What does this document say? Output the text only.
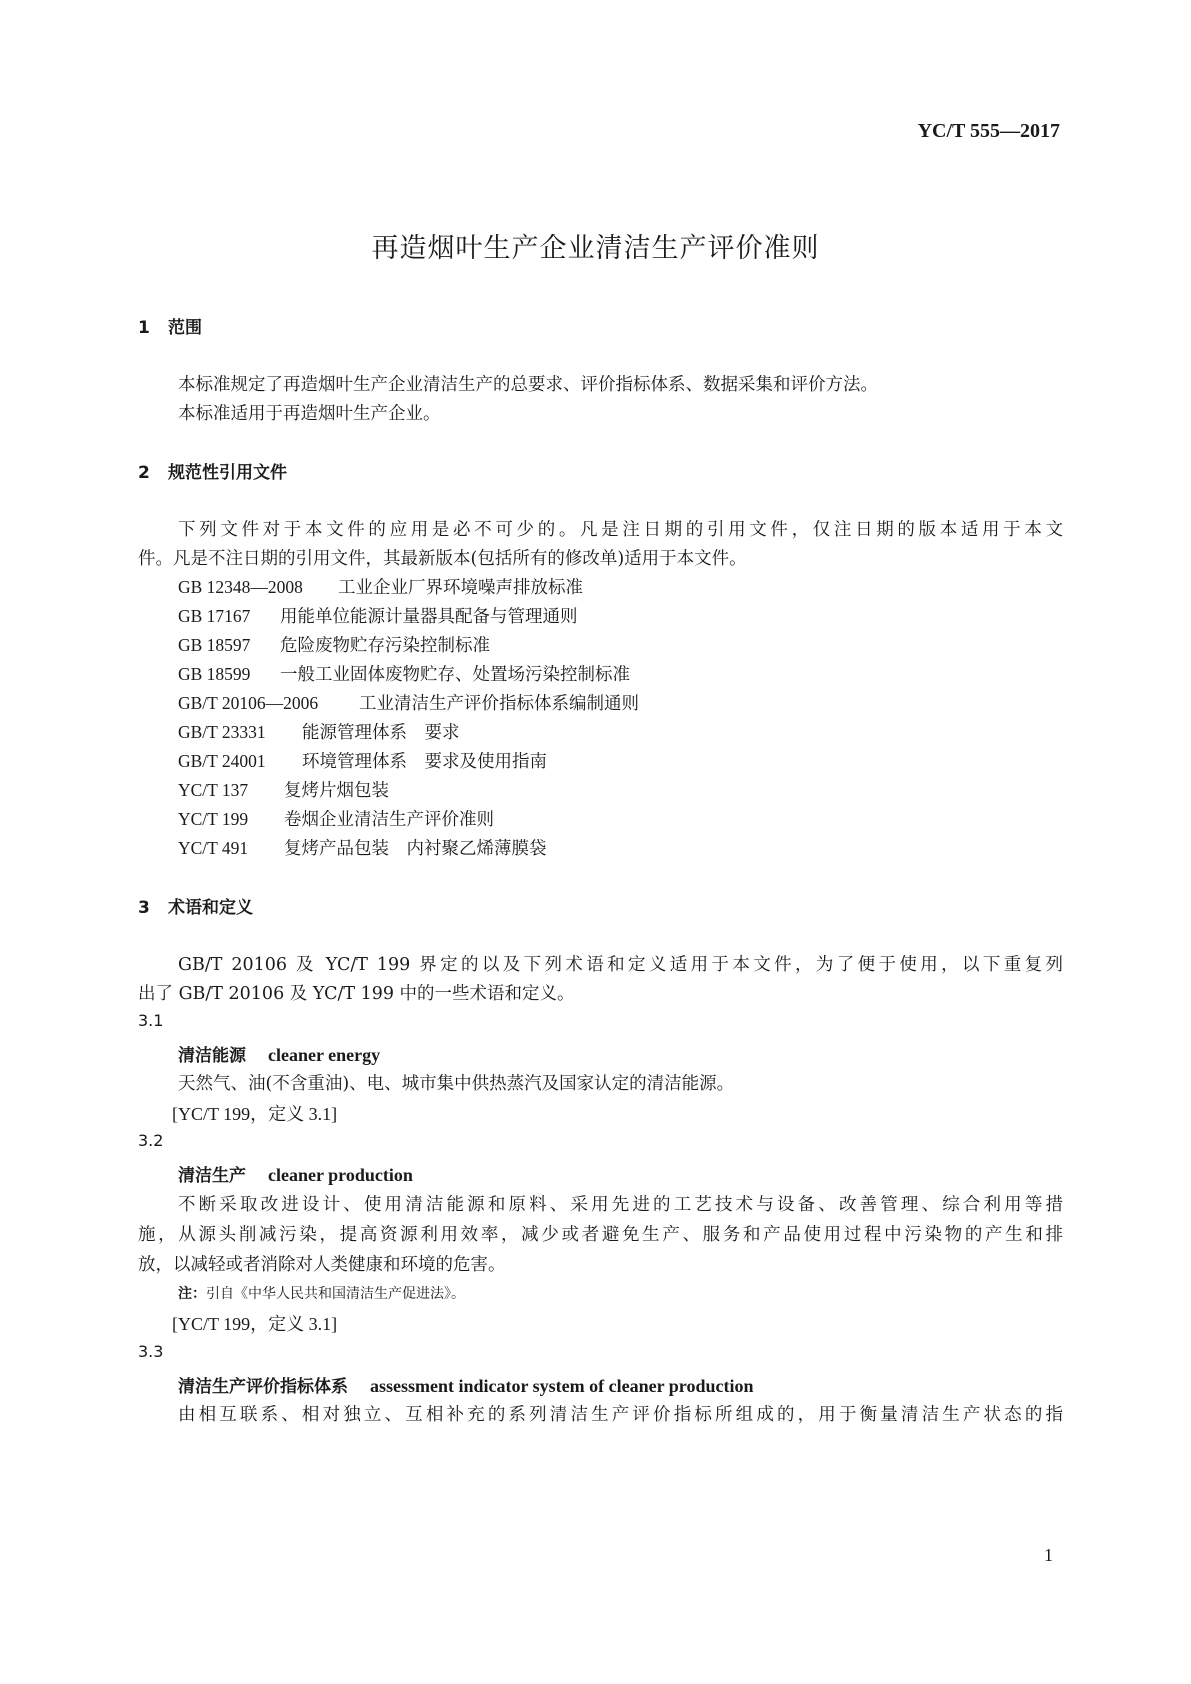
YC/T 555—2017
再造烟叶生产企业清洁生产评价准则
1 范围
本标准规定了再造烟叶生产企业清洁生产的总要求、评价指标体系、数据采集和评价方法。
本标准适用于再造烟叶生产企业。
2 规范性引用文件
下列文件对于本文件的应用是必不可少的。凡是注日期的引用文件，仅注日期的版本适用于本文
件。凡是不注日期的引用文件，其最新版本(包括所有的修改单)适用于本文件。
GB 12348—2008 工业企业厂界环境噪声排放标准
GB 17167 用能单位能源计量器具配备与管理通则
GB 18597 危险废物贮存污染控制标准
GB 18599 一般工业固体废物贮存、处置场污染控制标准
GB/T 20106—2006 工业清洁生产评价指标体系编制通则
GB/T 23331 能源管理体系　要求
GB/T 24001 环境管理体系　要求及使用指南
YC/T 137 复烤片烟包装
YC/T 199 卷烟企业清洁生产评价准则
YC/T 491 复烤产品包装　内衬聚乙烯薄膜袋
3 术语和定义
GB/T 20106 及 YC/T 199 界定的以及下列术语和定义适用于本文件，为了便于使用，以下重复列
出了 GB/T 20106 及 YC/T 199 中的一些术语和定义。
3.1
清洁能源 cleaner energy
天然气、油(不含重油)、电、城市集中供热蒸汽及国家认定的清洁能源。
[YC/T 199，定义 3.1]
3.2
清洁生产 cleaner production
不断采取改进设计、使用清洁能源和原料、采用先进的工艺技术与设备、改善管理、综合利用等措
施，从源头削减污染，提高资源利用效率，减少或者避免生产、服务和产品使用过程中污染物的产生和排
放，以减轻或者消除对人类健康和环境的危害。
注：引自《中华人民共和国清洁生产促进法》。
[YC/T 199，定义 3.1]
3.3
清洁生产评价指标体系 assessment indicator system of cleaner production
由相互联系、相对独立、互相补充的系列清洁生产评价指标所组成的，用于衡量清洁生产状态的指
1
